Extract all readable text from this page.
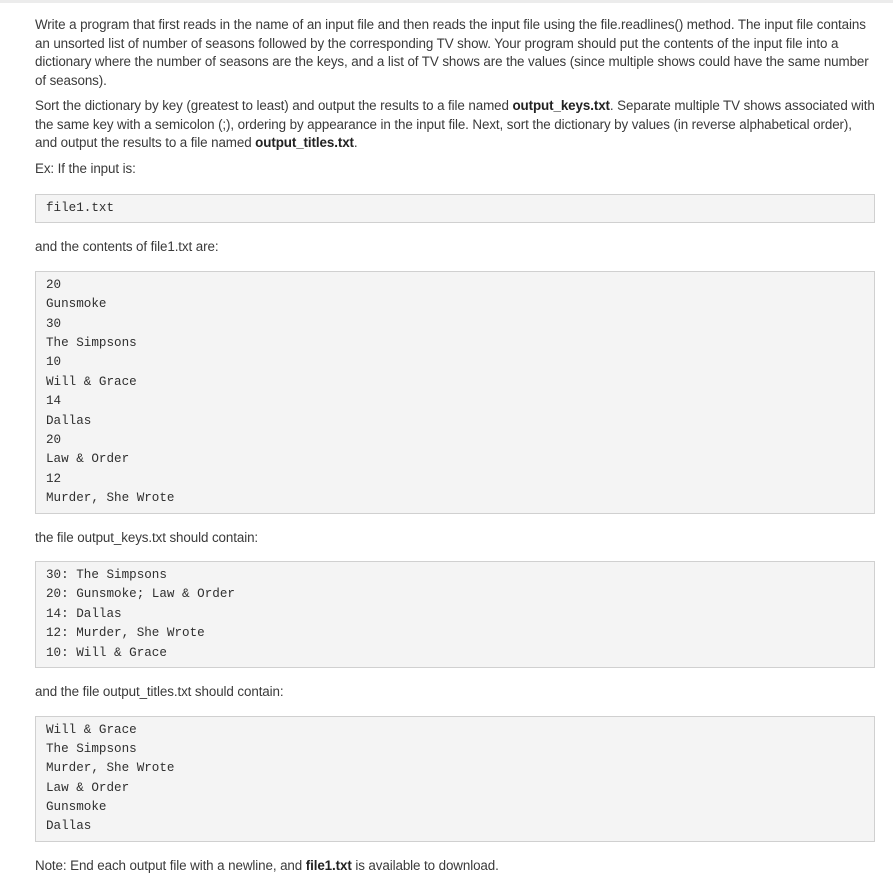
Write a program that first reads in the name of an input file and then reads the input file using the file.readlines() method. The input file contains an unsorted list of number of seasons followed by the corresponding TV show. Your program should put the contents of the input file into a dictionary where the number of seasons are the keys, and a list of TV shows are the values (since multiple shows could have the same number of seasons).

Sort the dictionary by key (greatest to least) and output the results to a file named output_keys.txt. Separate multiple TV shows associated with the same key with a semicolon (;), ordering by appearance in the input file. Next, sort the dictionary by values (in reverse alphabetical order), and output the results to a file named output_titles.txt.

Ex: If the input is:

file1.txt

and the contents of file1.txt are:

20
Gunsmoke
30
The Simpsons
10
Will & Grace
14
Dallas
20
Law & Order
12
Murder, She Wrote

the file output_keys.txt should contain:

30: The Simpsons
20: Gunsmoke; Law & Order
14: Dallas
12: Murder, She Wrote
10: Will & Grace

and the file output_titles.txt should contain:

Will & Grace
The Simpsons
Murder, She Wrote
Law & Order
Gunsmoke
Dallas

Note: End each output file with a newline, and file1.txt is available to download.
